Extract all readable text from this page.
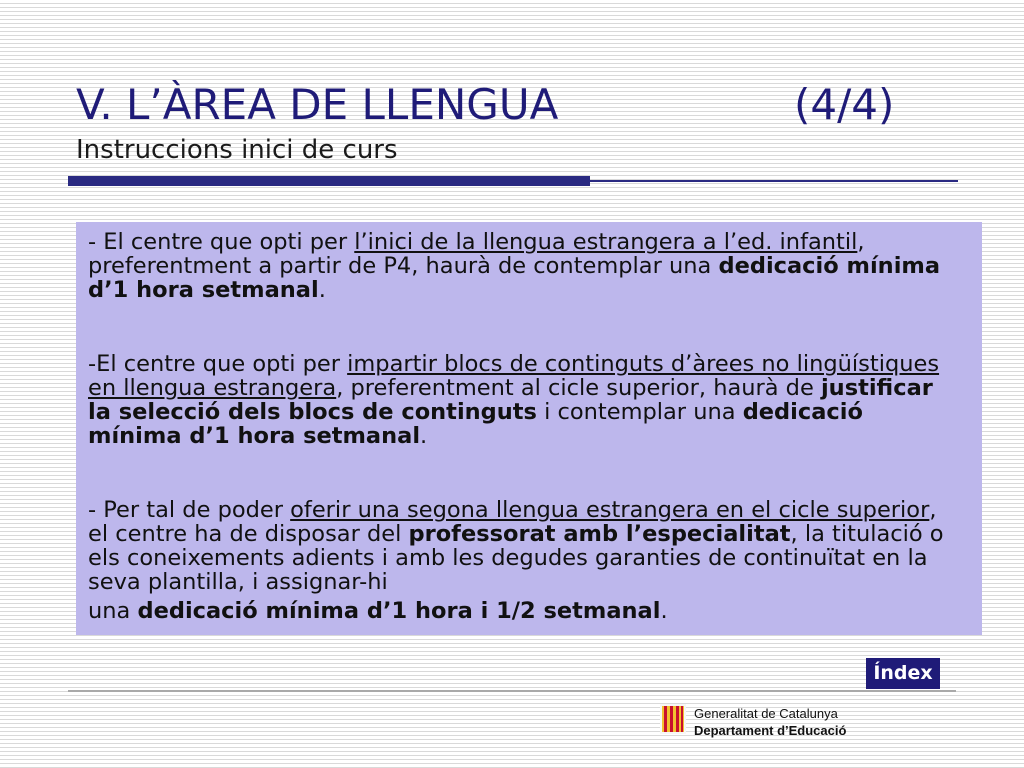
V. L’ÀREA DE LLENGUA	(4/4)
Instruccions inici de curs

- El centre que opti per l’inici de la llengua estrangera a l’ed. infantil, preferentment a partir de P4, haurà de contemplar una dedicació mínima d’1 hora setmanal.

-El centre que opti per impartir blocs de continguts d’àrees no lingüístiques en llengua estrangera, preferentment al cicle superior, haurà de justificar la selecció dels blocs de continguts i contemplar una dedicació mínima d’1 hora setmanal.

- Per tal de poder oferir una segona llengua estrangera en el cicle superior, el centre ha de disposar del professorat amb l’especialitat, la titulació o els coneixements adients i amb les degudes garanties de continuïtat en la seva plantilla, i assignar-hi
una dedicació mínima d’1 hora i 1/2 setmanal.

Índex
Generalitat de Catalunya
Departament d’Educació
